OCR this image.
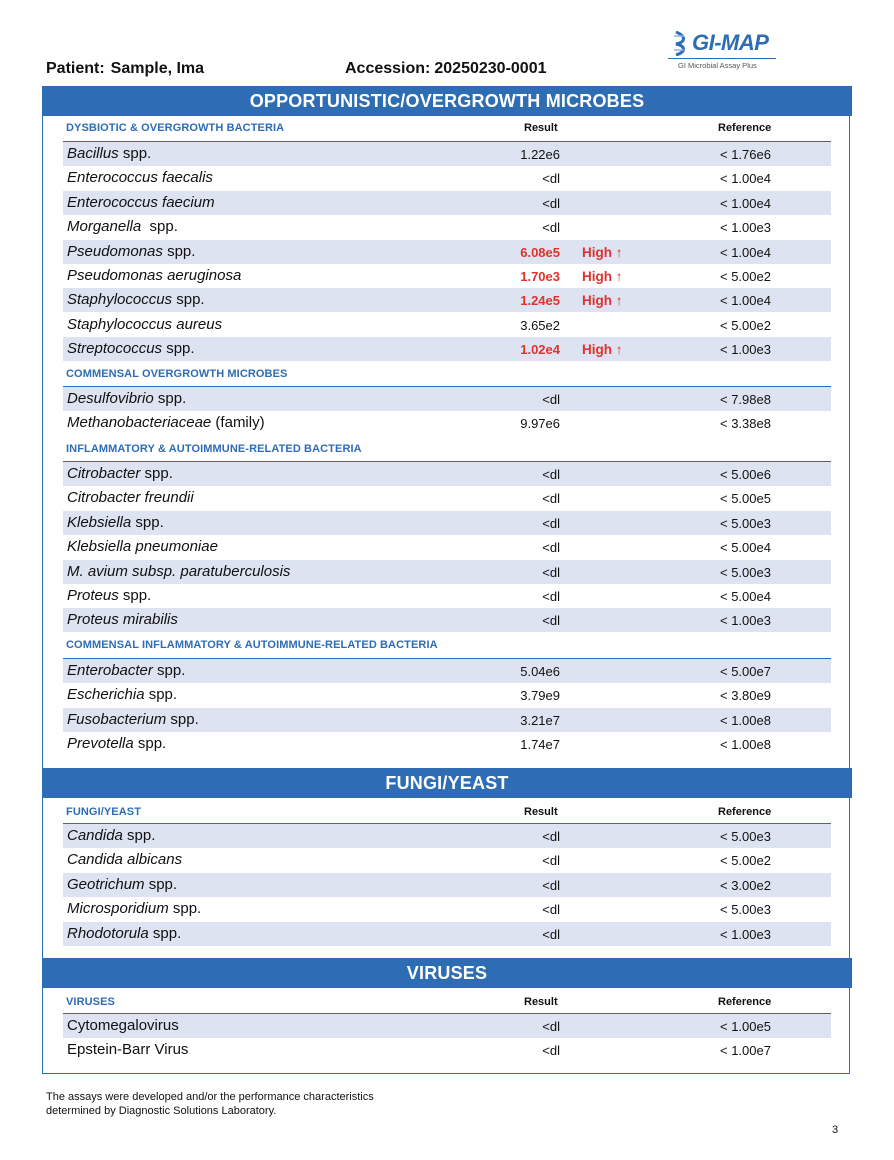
Patient: Sample, Ima	Accession: 20250230-0001
GI-MAP
GI Microbial Assay Plus
OPPORTUNISTIC/OVERGROWTH MICROBES
DYSBIOTIC & OVERGROWTH BACTERIA	Result	Reference
Bacillus spp.	1.22e6	< 1.76e6
Enterococcus faecalis	<dl	< 1.00e4
Enterococcus faecium	<dl	< 1.00e4
Morganella  spp.	<dl	< 1.00e3
Pseudomonas spp.	6.08e5 High ↑	< 1.00e4
Pseudomonas aeruginosa	1.70e3 High ↑	< 5.00e2
Staphylococcus spp.	1.24e5 High ↑	< 1.00e4
Staphylococcus aureus	3.65e2	< 5.00e2
Streptococcus spp.	1.02e4 High ↑	< 1.00e3
COMMENSAL OVERGROWTH MICROBES
Desulfovibrio spp.	<dl	< 7.98e8
Methanobacteriaceae (family)	9.97e6	< 3.38e8
INFLAMMATORY & AUTOIMMUNE-RELATED BACTERIA
Citrobacter spp.	<dl	< 5.00e6
Citrobacter freundii	<dl	< 5.00e5
Klebsiella spp.	<dl	< 5.00e3
Klebsiella pneumoniae	<dl	< 5.00e4
M. avium subsp. paratuberculosis	<dl	< 5.00e3
Proteus spp.	<dl	< 5.00e4
Proteus mirabilis	<dl	< 1.00e3
COMMENSAL INFLAMMATORY & AUTOIMMUNE-RELATED BACTERIA
Enterobacter spp.	5.04e6	< 5.00e7
Escherichia spp.	3.79e9	< 3.80e9
Fusobacterium spp.	3.21e7	< 1.00e8
Prevotella spp.	1.74e7	< 1.00e8
FUNGI/YEAST
FUNGI/YEAST	Result	Reference
Candida spp.	<dl	< 5.00e3
Candida albicans	<dl	< 5.00e2
Geotrichum spp.	<dl	< 3.00e2
Microsporidium spp.	<dl	< 5.00e3
Rhodotorula spp.	<dl	< 1.00e3
VIRUSES
VIRUSES	Result	Reference
Cytomegalovirus	<dl	< 1.00e5
Epstein-Barr Virus	<dl	< 1.00e7
The assays were developed and/or the performance characteristics
determined by Diagnostic Solutions Laboratory.
3
